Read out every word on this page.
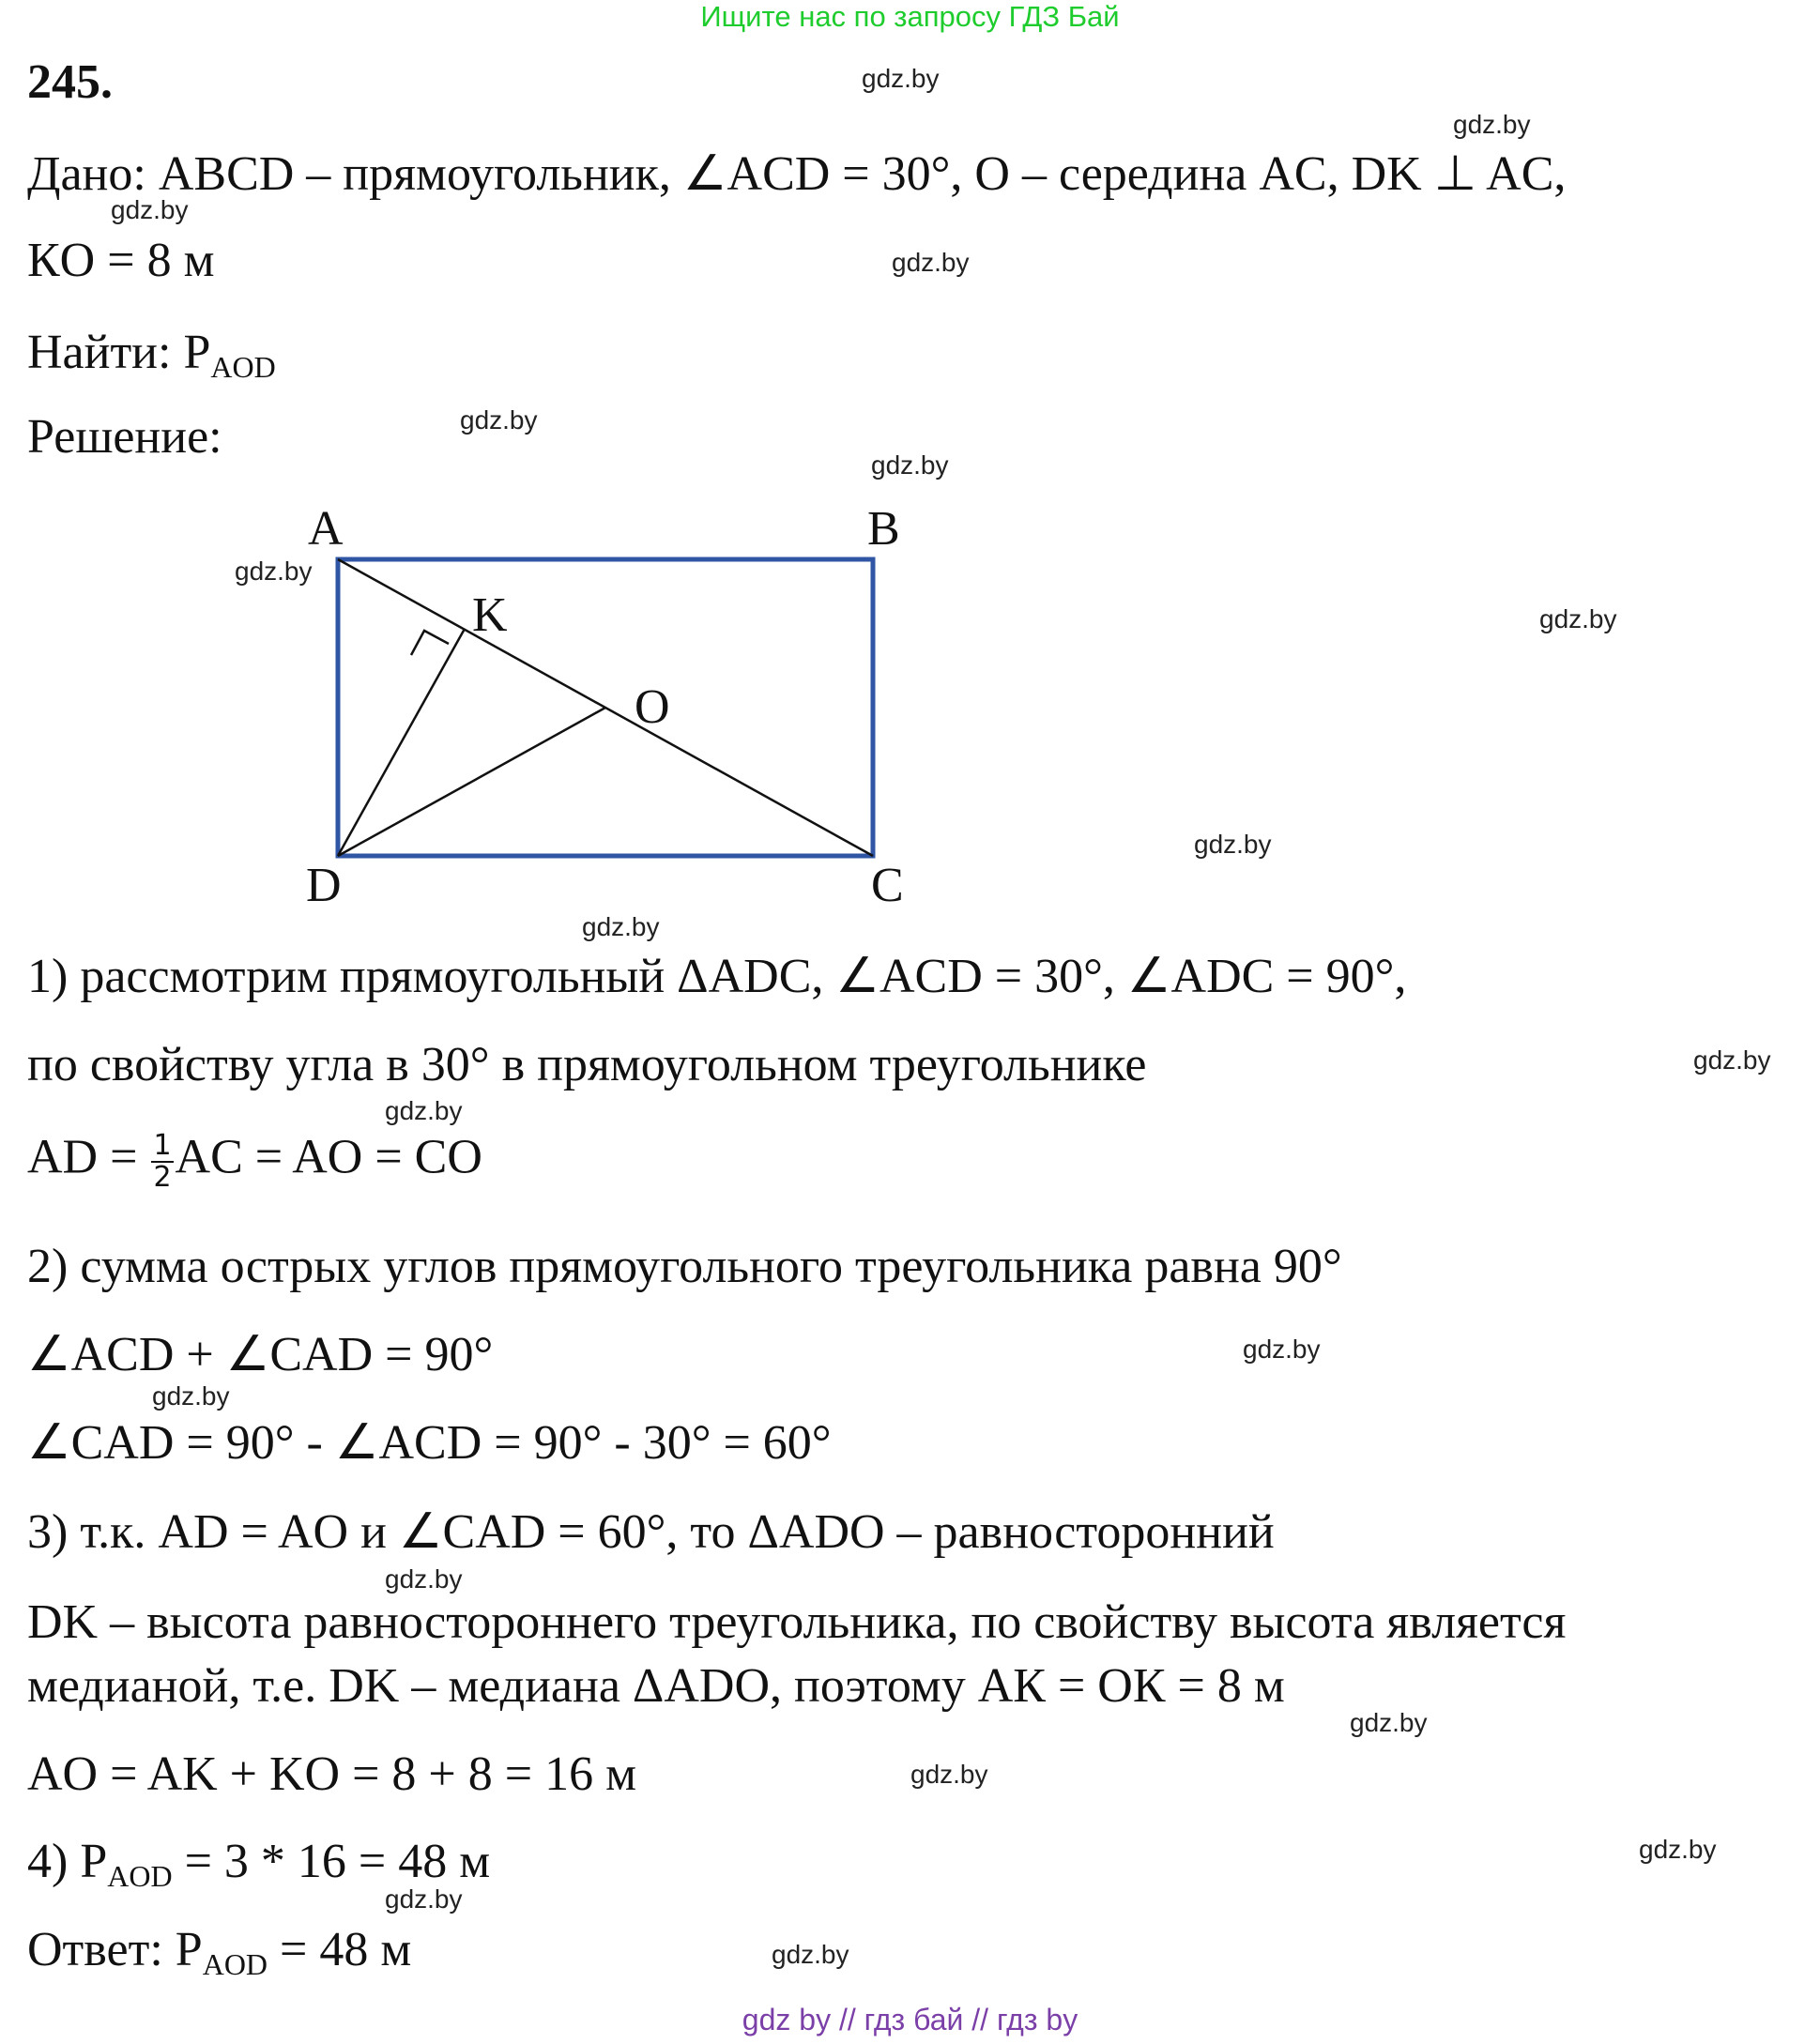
Ищите нас по запросу ГДЗ Бай
245.
Дано: ABCD – прямоугольник, ∠ACD = 30°, O – середина AC, DK ⊥ AC,
КO = 8 м
Найти: $P_{AOD}$
Решение:
A	B
C
D
K
O
1) рассмотрим прямоугольный ΔADC, ∠ACD = 30°, ∠ADC = 90°,
по свойству угла в 30° в прямоугольном треугольнике
AD = $\frac{1}{2}$ AC = AO = CO
2) сумма острых углов прямоугольного треугольника равна 90°
∠ACD + ∠CAD = 90°
∠CAD = 90° - ∠ACD = 90° - 30° = 60°
3) т.к. AD = AO и ∠CAD = 60°, то ΔADO – равносторонний
DK – высота равностороннего треугольника, по свойству высота является
медианой, т.е. DK – медиана ΔADO, поэтому АК = ОК = 8 м
AO = AK + KO = 8 + 8 = 16 м
4) $P_{AOD} = 3 * 16 = 48$ м
Ответ: $P_{AOD} = 48$ м
gdz.by
gdz.by
gdz.by
gdz.by
gdz.by
gdz.by
gdz.by
gdz.by
gdz.by
gdz.by
gdz.by
gdz.by
gdz.by
gdz.by
gdz.by
gdz.by
gdz.by
gdz.by
gdz.by
gdz.by
gdz by // гдз бай // гдз by
